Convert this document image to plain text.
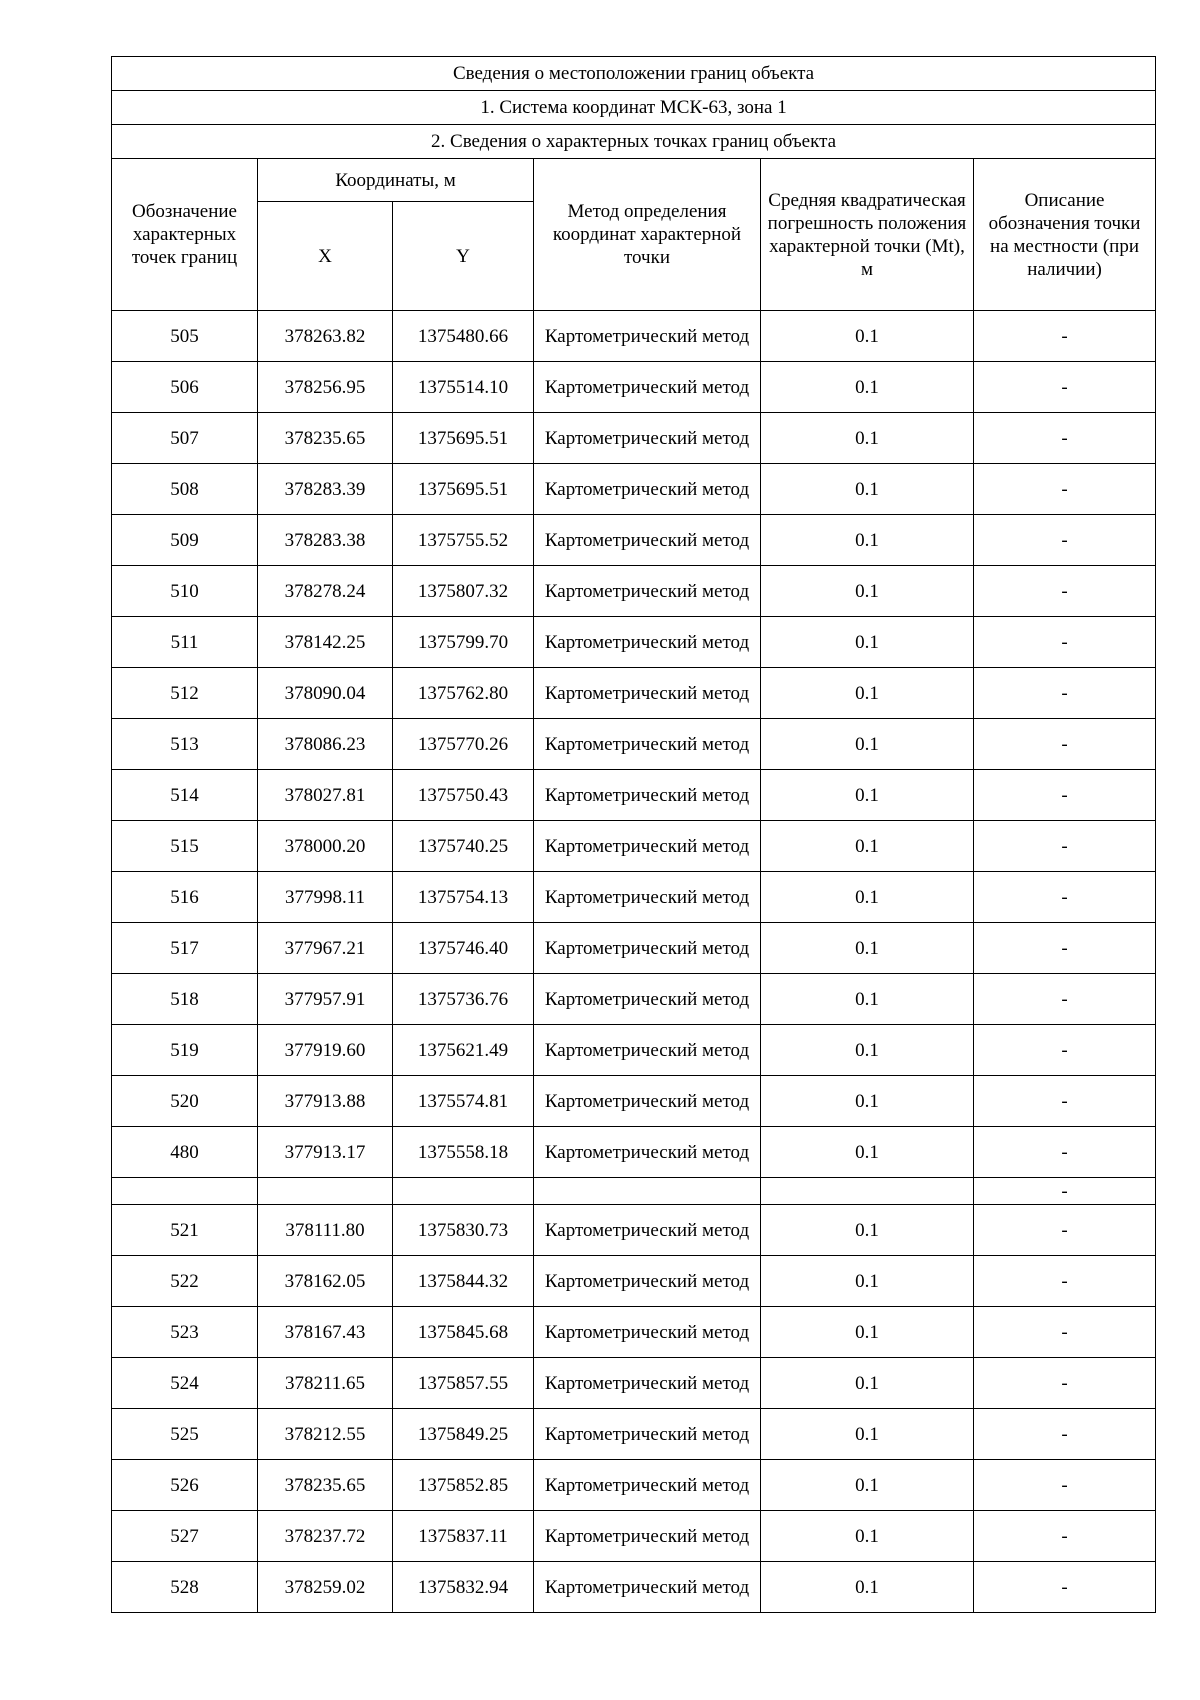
Сведения о местоположении границ объекта					
1. Система координат МСК-63, зона 1					
2. Сведения о характерных точках границ объекта					
Обозначение характерных точек границ	Координаты, м		Метод определения координат характерной точки	Средняя квадратическая погрешность положения характерной точки (Mt), м	Описание обозначения точки на местности (при наличии)
	X	Y			
505	378263.82	1375480.66	Картометрический метод	0.1	-
506	378256.95	1375514.10	Картометрический метод	0.1	-
507	378235.65	1375695.51	Картометрический метод	0.1	-
508	378283.39	1375695.51	Картометрический метод	0.1	-
509	378283.38	1375755.52	Картометрический метод	0.1	-
510	378278.24	1375807.32	Картометрический метод	0.1	-
511	378142.25	1375799.70	Картометрический метод	0.1	-
512	378090.04	1375762.80	Картометрический метод	0.1	-
513	378086.23	1375770.26	Картометрический метод	0.1	-
514	378027.81	1375750.43	Картометрический метод	0.1	-
515	378000.20	1375740.25	Картометрический метод	0.1	-
516	377998.11	1375754.13	Картометрический метод	0.1	-
517	377967.21	1375746.40	Картометрический метод	0.1	-
518	377957.91	1375736.76	Картометрический метод	0.1	-
519	377919.60	1375621.49	Картометрический метод	0.1	-
520	377913.88	1375574.81	Картометрический метод	0.1	-
480	377913.17	1375558.18	Картометрический метод	0.1	-
					-
521	378111.80	1375830.73	Картометрический метод	0.1	-
522	378162.05	1375844.32	Картометрический метод	0.1	-
523	378167.43	1375845.68	Картометрический метод	0.1	-
524	378211.65	1375857.55	Картометрический метод	0.1	-
525	378212.55	1375849.25	Картометрический метод	0.1	-
526	378235.65	1375852.85	Картометрический метод	0.1	-
527	378237.72	1375837.11	Картометрический метод	0.1	-
528	378259.02	1375832.94	Картометрический метод	0.1	-
